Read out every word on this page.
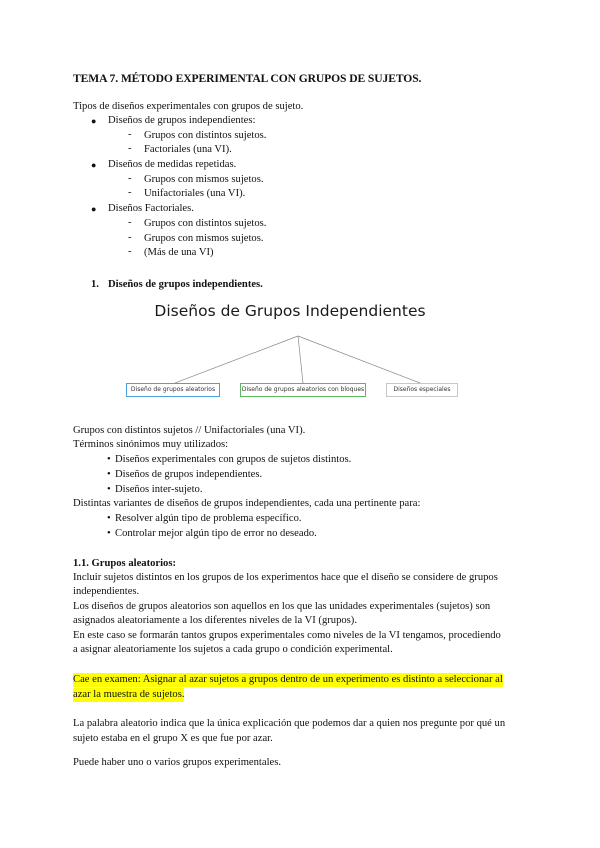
TEMA 7. MÉTODO EXPERIMENTAL CON GRUPOS DE SUJETOS.
Tipos de diseños experimentales con grupos de sujeto.
● Diseños de grupos independientes:
- Grupos con distintos sujetos.
- Factoriales (una VI).
● Diseños de medidas repetidas.
- Grupos con mismos sujetos.
- Unifactoriales (una VI).
● Diseños Factoriales.
- Grupos con distintos sujetos.
- Grupos con mismos sujetos.
- (Más de una VI)
1. Diseños de grupos independientes.
Diseños de Grupos Independientes
Diseño de grupos aleatorios	Diseño de grupos aleatorios con bloques	Diseños especiales
Grupos con distintos sujetos // Unifactoriales (una VI).
Términos sinónimos muy utilizados:
• Diseños experimentales con grupos de sujetos distintos.
• Diseños de grupos independientes.
• Diseños inter-sujeto.
Distintas variantes de diseños de grupos independientes, cada una pertinente para:
• Resolver algún tipo de problema específico.
• Controlar mejor algún tipo de error no deseado.
1.1. Grupos aleatorios:
Incluir sujetos distintos en los grupos de los experimentos hace que el diseño se considere de grupos
independientes.
Los diseños de grupos aleatorios son aquellos en los que las unidades experimentales (sujetos) son
asignados aleatoriamente a los diferentes niveles de la VI (grupos).
En este caso se formarán tantos grupos experimentales como niveles de la VI tengamos, procediendo
a asignar aleatoriamente los sujetos a cada grupo o condición experimental.
Cae en examen: Asignar al azar sujetos a grupos dentro de un experimento es distinto a seleccionar al
azar la muestra de sujetos.
La palabra aleatorio indica que la única explicación que podemos dar a quien nos pregunte por qué un
sujeto estaba en el grupo X es que fue por azar.
Puede haber uno o varios grupos experimentales.
